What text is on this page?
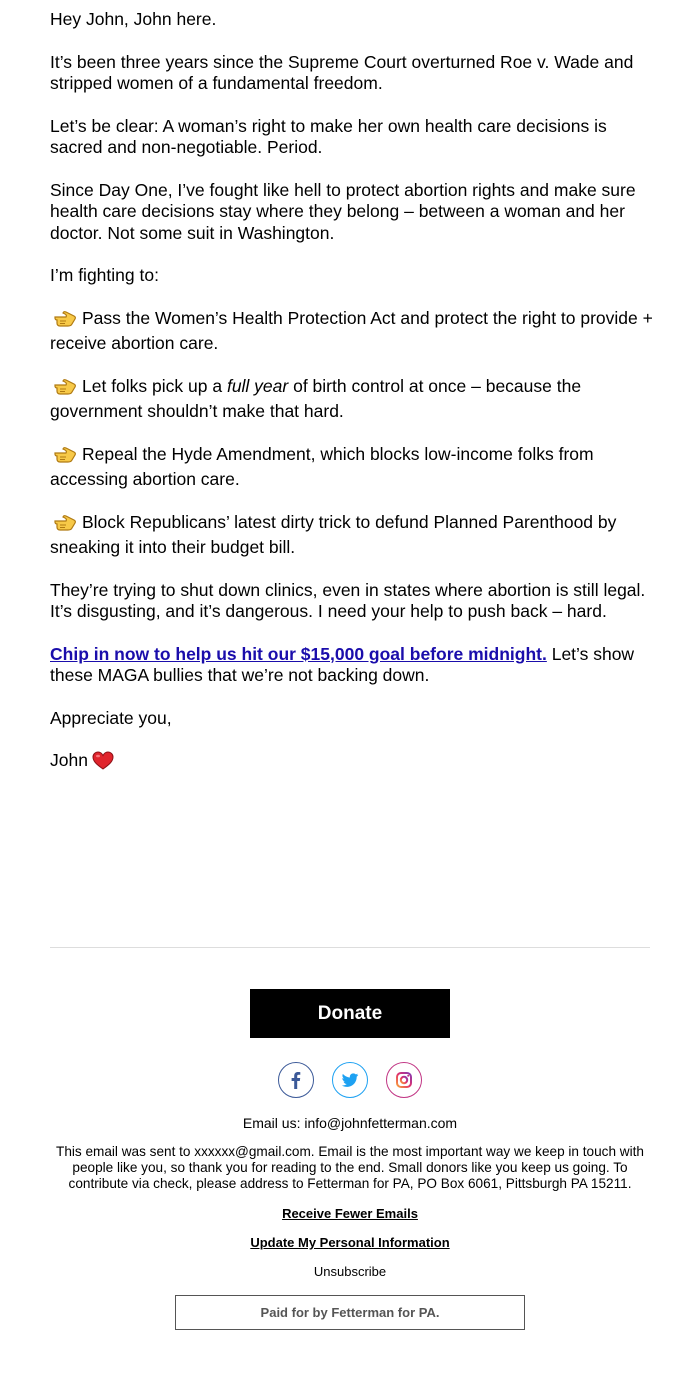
Hey John, John here.

It’s been three years since the Supreme Court overturned Roe v. Wade and stripped women of a fundamental freedom.

Let’s be clear: A woman’s right to make her own health care decisions is sacred and non-negotiable. Period.

Since Day One, I’ve fought like hell to protect abortion rights and make sure health care decisions stay where they belong – between a woman and her doctor. Not some suit in Washington.

I’m fighting to:

Pass the Women’s Health Protection Act and protect the right to provide + receive abortion care.

Let folks pick up a full year of birth control at once – because the government shouldn’t make that hard.

Repeal the Hyde Amendment, which blocks low-income folks from accessing abortion care.

Block Republicans’ latest dirty trick to defund Planned Parenthood by sneaking it into their budget bill.

They’re trying to shut down clinics, even in states where abortion is still legal. It’s disgusting, and it’s dangerous. I need your help to push back – hard.

Chip in now to help us hit our $15,000 goal before midnight. Let’s show these MAGA bullies that we’re not backing down.

Appreciate you,

John

Donate
Email us: info@johnfetterman.com
This email was sent to xxxxxx@gmail.com. Email is the most important way we keep in touch with people like you, so thank you for reading to the end. Small donors like you keep us going. To contribute via check, please address to Fetterman for PA, PO Box 6061, Pittsburgh PA 15211.
Receive Fewer Emails
Update My Personal Information
Unsubscribe
Paid for by Fetterman for PA.
